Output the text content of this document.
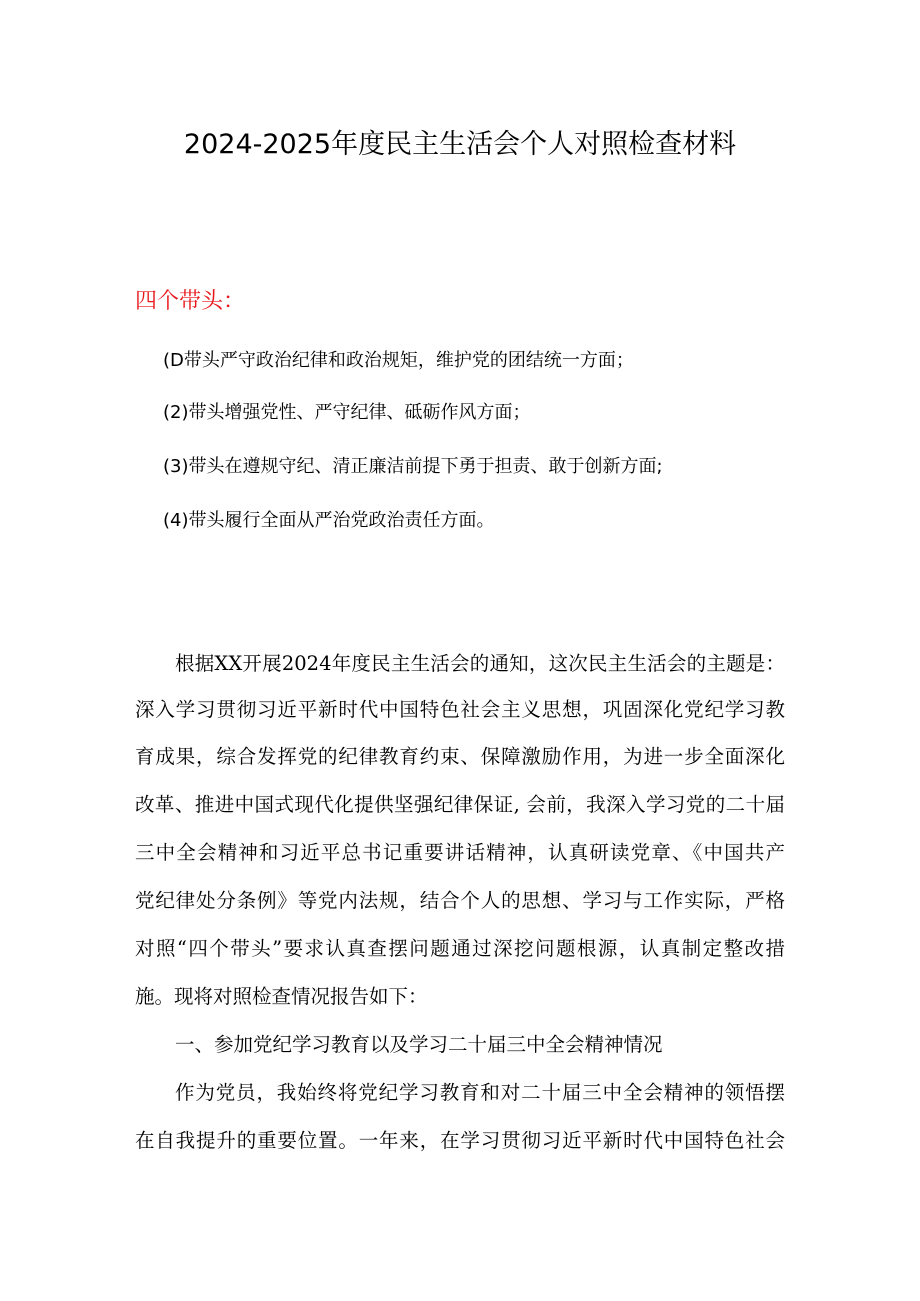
2024-2025年度民主生活会个人对照检查材料
四个带头：
(D带头严守政治纪律和政治规矩，维护党的团结统一方面；
(2)带头增强党性、严守纪律、砥砺作风方面；
(3)带头在遵规守纪、清正廉洁前提下勇于担责、敢于创新方面;
(4)带头履行全面从严治党政治责任方面。
根据XX开展2024年度民主生活会的通知，这次民主生活会的主题是：
深入学习贯彻习近平新时代中国特色社会主义思想，巩固深化党纪学习教
育成果，综合发挥党的纪律教育约束、保障激励作用，为进一步全面深化
改革、推进中国式现代化提供坚强纪律保证, 会前，我深入学习党的二十届
三中全会精神和习近平总书记重要讲话精神，认真研读党章、《中国共产
党纪律处分条例》等党内法规，结合个人的思想、学习与工作实际，严格
对照“四个带头”要求认真查摆问题通过深挖问题根源，认真制定整改措
施。现将对照检查情况报告如下：
一、参加党纪学习教育以及学习二十届三中全会精神情况
作为党员，我始终将党纪学习教育和对二十届三中全会精神的领悟摆
在自我提升的重要位置。一年来，在学习贯彻习近平新时代中国特色社会
